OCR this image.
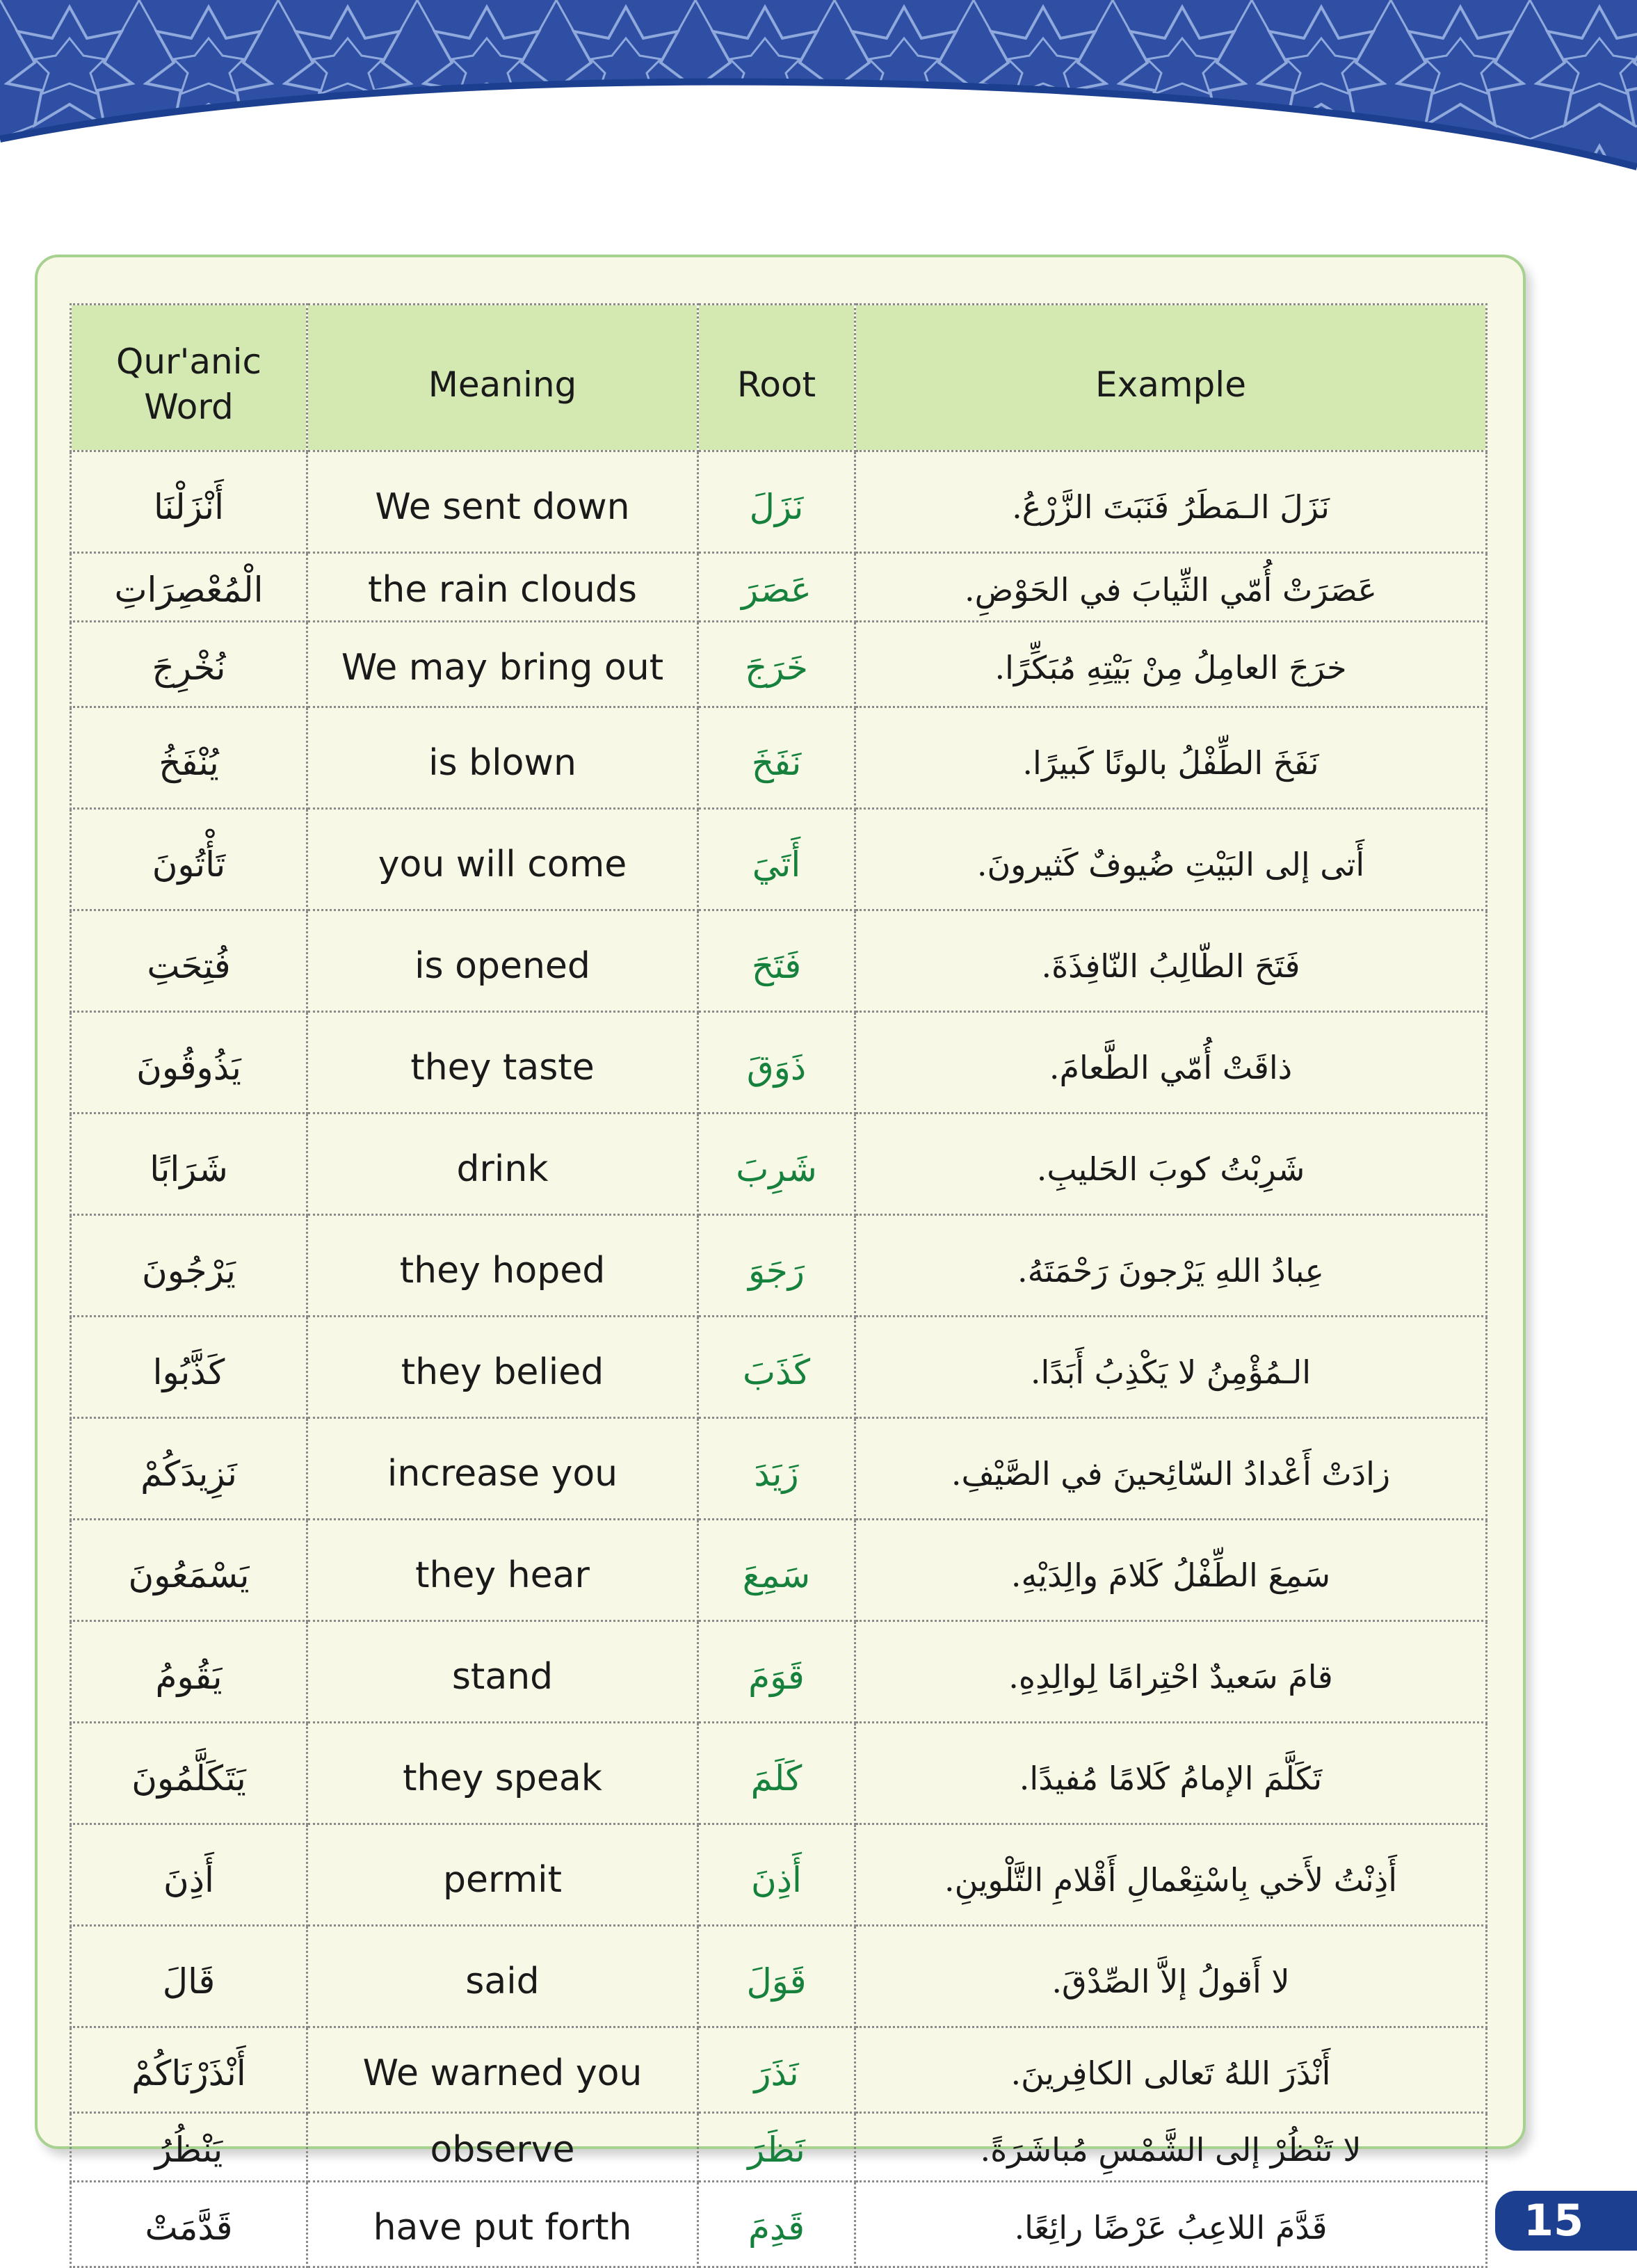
Qur'anic Word	Meaning	Root	Example
أَنْزَلْنَا	We sent down	نَزَلَ	نَزَلَ الـمَطَرُ فَنَبَتَ الزَّرْعُ.
الْمُعْصِرَاتِ	the rain clouds	عَصَرَ	عَصَرَتْ أُمّي الثِّيابَ في الحَوْضِ.
نُخْرِجَ	We may bring out	خَرَجَ	خرَجَ العامِلُ مِنْ بَيْتِهِ مُبَكِّرًا.
يُنْفَخُ	is blown	نَفَخَ	نَفَخَ الطِّفْلُ بالونًا كَبيرًا.
تَأْتُونَ	you will come	أَتَيَ	أَتى إلى البَيْتِ ضُيوفٌ كَثيرونَ.
فُتِحَتِ	is opened	فَتَحَ	فَتَحَ الطّالِبُ النّافِذَةَ.
يَذُوقُونَ	they taste	ذَوَقَ	ذاقَتْ أُمّي الطَّعامَ.
شَرَابًا	drink	شَرِبَ	شَرِبْتُ كوبَ الحَليبِ.
يَرْجُونَ	they hoped	رَجَوَ	عِبادُ اللهِ يَرْجونَ رَحْمَتَهُ.
كَذَّبُوا	they belied	كَذَبَ	الـمُؤْمِنُ لا يَكْذِبُ أَبَدًا.
نَزِيدَكُمْ	increase you	زَيَدَ	زادَتْ أَعْدادُ السّائِحينَ في الصَّيْفِ.
يَسْمَعُونَ	they hear	سَمِعَ	سَمِعَ الطِّفْلُ كَلامَ والِدَيْهِ.
يَقُومُ	stand	قَوَمَ	قامَ سَعيدٌ احْتِرامًا لِوالِدِهِ.
يَتَكَلَّمُونَ	they speak	كَلَمَ	تَكَلَّمَ الإمامُ كَلامًا مُفيدًا.
أَذِنَ	permit	أَذِنَ	أَذِنْتُ لأَخي بِاسْتِعْمالِ أَقْلامِ التَّلْوينِ.
قَالَ	said	قَوَلَ	لا أَقولُ إلاَّ الصِّدْقَ.
أَنْذَرْنَاكُمْ	We warned you	نَذَرَ	أَنْذَرَ اللهُ تَعالى الكافِرينَ.
يَنْظُرُ	observe	نَظَرَ	لا تَنْظُرْ إلى الشَّمْسِ مُباشَرَةً.
قَدَّمَتْ	have put forth	قَدِمَ	قَدَّمَ اللاعِبُ عَرْضًا رائِعًا.	15
